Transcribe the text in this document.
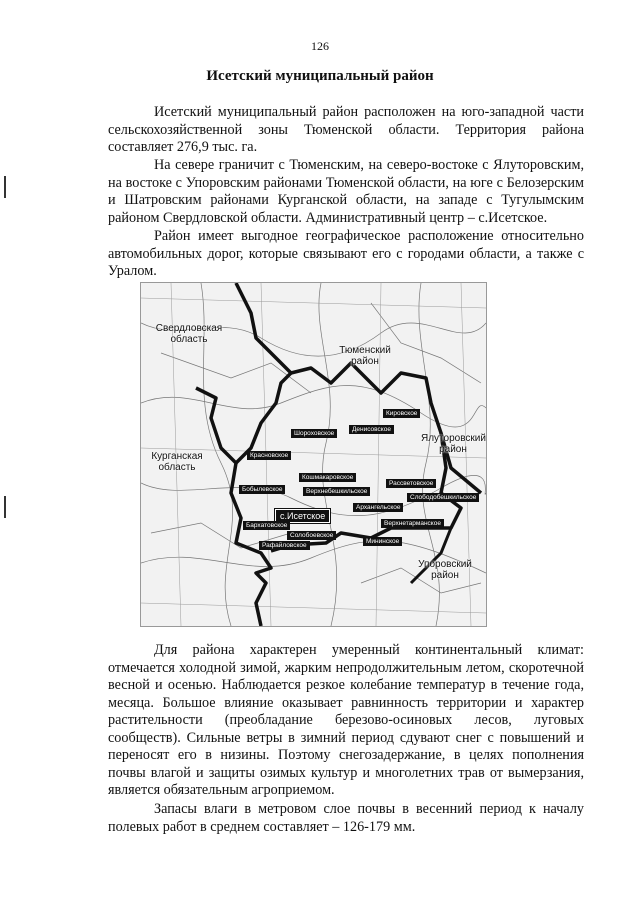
126
Исетский муниципальный район

Исетский муниципальный район расположен на юго-западной части сельскохозяйственной зоны Тюменской области. Территория района составляет 276,9 тыс. га.

На севере граничит с Тюменским, на северо-востоке с Ялуторовским, на востоке с Упоровским районами Тюменской области, на юге с Белозерским и Шатровским районами Курганской области, на западе с Тугулымским районом Свердловской области. Административный центр – с.Исетское.

Район имеет выгодное географическое расположение относительно автомобильных дорог, которые связывают его с городами области, а также с Уралом.

Свердловская область
Тюменский район
Ялуторовский район
Курганская область
Упоровский район
Кировское
Шороховское
Денисовское
Красновское
Кошмакаровское
Верхнебешкильское
Рассветовское
Бобылевское
Архангельское
Слободобешкильское
с.Исетское
Верхнетарманское
Бархатовское
Солобоевское
Рафайловское
Мининское

Для района характерен умеренный континентальный климат: отмечается холодной зимой, жарким непродолжительным летом, скоротечной весной и осенью. Наблюдается резкое колебание температур в течение года, месяца. Большое влияние оказывает равнинность территории и характер растительности (преобладание березово-осиновых лесов, луговых сообществ). Сильные ветры в зимний период сдувают снег с повышений и переносят его в низины. Поэтому снегозадержание, в целях пополнения почвы влагой и защиты озимых культур и многолетних трав от вымерзания, является обязательным агроприемом.

Запасы влаги в метровом слое почвы в весенний период к началу полевых работ в среднем составляет – 126-179 мм.
